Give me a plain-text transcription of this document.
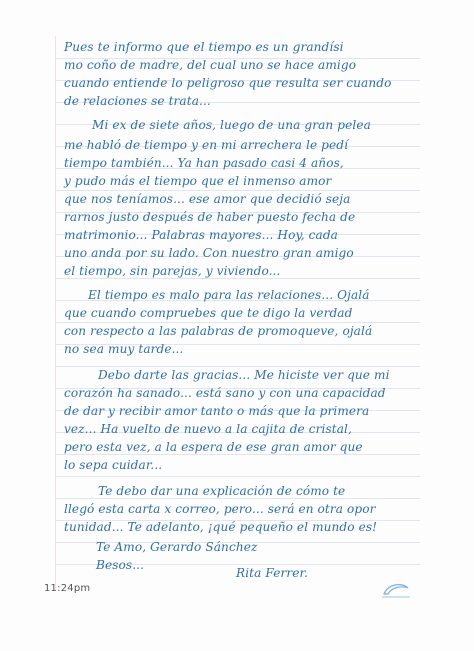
Pues te informo que el tiempo es un grandísi
mo coño de madre, del cual uno se hace amigo
cuando entiende lo peligroso que resulta ser cuando
de relaciones se trata...
Mi ex de siete años, luego de una gran pelea
me habló de tiempo y en mi arrechera le pedí
tiempo también... Ya han pasado casi 4 años,
y pudo más el tiempo que el inmenso amor
que nos teníamos... ese amor que decidió seja
rarnos justo después de haber puesto fecha de
matrimonio... Palabras mayores... Hoy, cada
uno anda por su lado. Con nuestro gran amigo
el tiempo, sin parejas, y viviendo...
El tiempo es malo para las relaciones... Ojalá
que cuando compruebes que te digo la verdad
con respecto a las palabras de promoqueve, ojalá
no sea muy tarde...
Debo darte las gracias... Me hiciste ver que mi
corazón ha sanado... está sano y con una capacidad
de dar y recibir amor tanto o más que la primera
vez... Ha vuelto de nuevo a la cajita de cristal,
pero esta vez, a la espera de ese gran amor que
lo sepa cuidar...
Te debo dar una explicación de cómo te
llegó esta carta x correo, pero... será en otra opor
tunidad... Te adelanto, ¡qué pequeño el mundo es!
Te Amo, Gerardo Sánchez
Besos...
Rita Ferrer.
11:24pm
